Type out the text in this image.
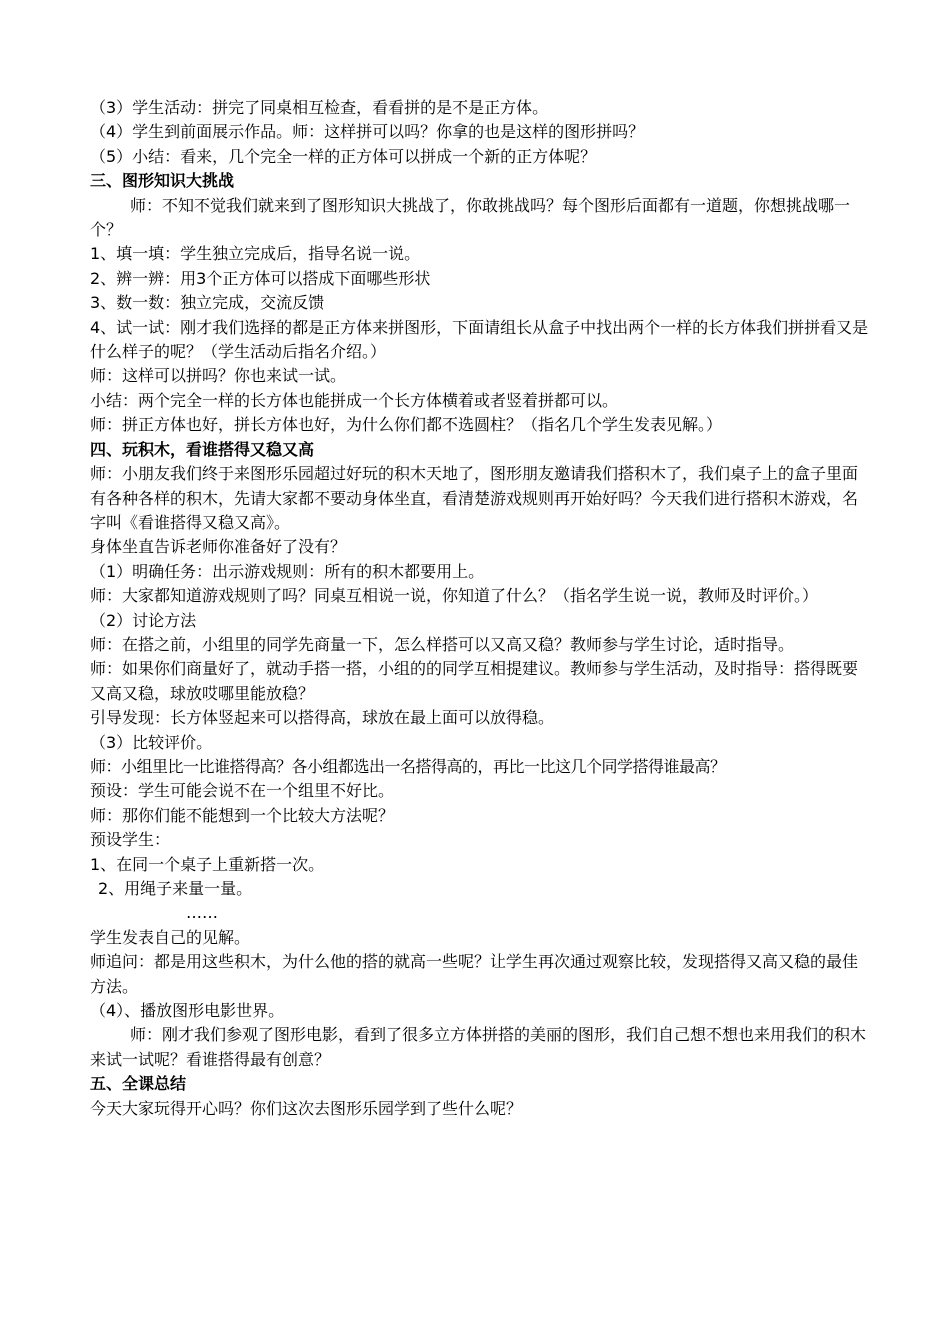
（3）学生活动：拼完了同桌相互检查，看看拼的是不是正方体。

（4）学生到前面展示作品。师：这样拼可以吗？你拿的也是这样的图形拼吗？

（5）小结：看来，几个完全一样的正方体可以拼成一个新的正方体呢？

三、图形知识大挑战

师：不知不觉我们就来到了图形知识大挑战了，你敢挑战吗？每个图形后面都有一道题，你想挑战哪一个？

1、填一填：学生独立完成后，指导名说一说。

2、辨一辨：用3个正方体可以搭成下面哪些形状

3、数一数：独立完成，交流反馈

4、试一试：刚才我们选择的都是正方体来拼图形，下面请组长从盒子中找出两个一样的长方体我们拼拼看又是什么样子的呢？（学生活动后指名介绍。）

师：这样可以拼吗？你也来试一试。

小结：两个完全一样的长方体也能拼成一个长方体横着或者竖着拼都可以。

师：拼正方体也好，拼长方体也好，为什么你们都不选圆柱？（指名几个学生发表见解。）

四、玩积木，看谁搭得又稳又高

师：小朋友我们终于来图形乐园超过好玩的积木天地了，图形朋友邀请我们搭积木了，我们桌子上的盒子里面有各种各样的积木，先请大家都不要动身体坐直，看清楚游戏规则再开始好吗？今天我们进行搭积木游戏，名字叫《看谁搭得又稳又高》。

身体坐直告诉老师你准备好了没有？

（1）明确任务：出示游戏规则：所有的积木都要用上。

师：大家都知道游戏规则了吗？同桌互相说一说，你知道了什么？（指名学生说一说，教师及时评价。）

（2）讨论方法

师：在搭之前，小组里的同学先商量一下，怎么样搭可以又高又稳？教师参与学生讨论，适时指导。

师：如果你们商量好了，就动手搭一搭，小组的的同学互相提建议。教师参与学生活动，及时指导：搭得既要又高又稳，球放哎哪里能放稳？

引导发现：长方体竖起来可以搭得高，球放在最上面可以放得稳。

（3）比较评价。

师：小组里比一比谁搭得高？各小组都选出一名搭得高的，再比一比这几个同学搭得谁最高？

预设：学生可能会说不在一个组里不好比。

师：那你们能不能想到一个比较大方法呢？

预设学生：

1、在同一个桌子上重新搭一次。

2、用绳子来量一量。

……

学生发表自己的见解。

师追问：都是用这些积木，为什么他的搭的就高一些呢？让学生再次通过观察比较，发现搭得又高又稳的最佳方法。

（4）、播放图形电影世界。

师：刚才我们参观了图形电影，看到了很多立方体拼搭的美丽的图形，我们自己想不想也来用我们的积木来试一试呢？看谁搭得最有创意？

五、全课总结

今天大家玩得开心吗？你们这次去图形乐园学到了些什么呢？
